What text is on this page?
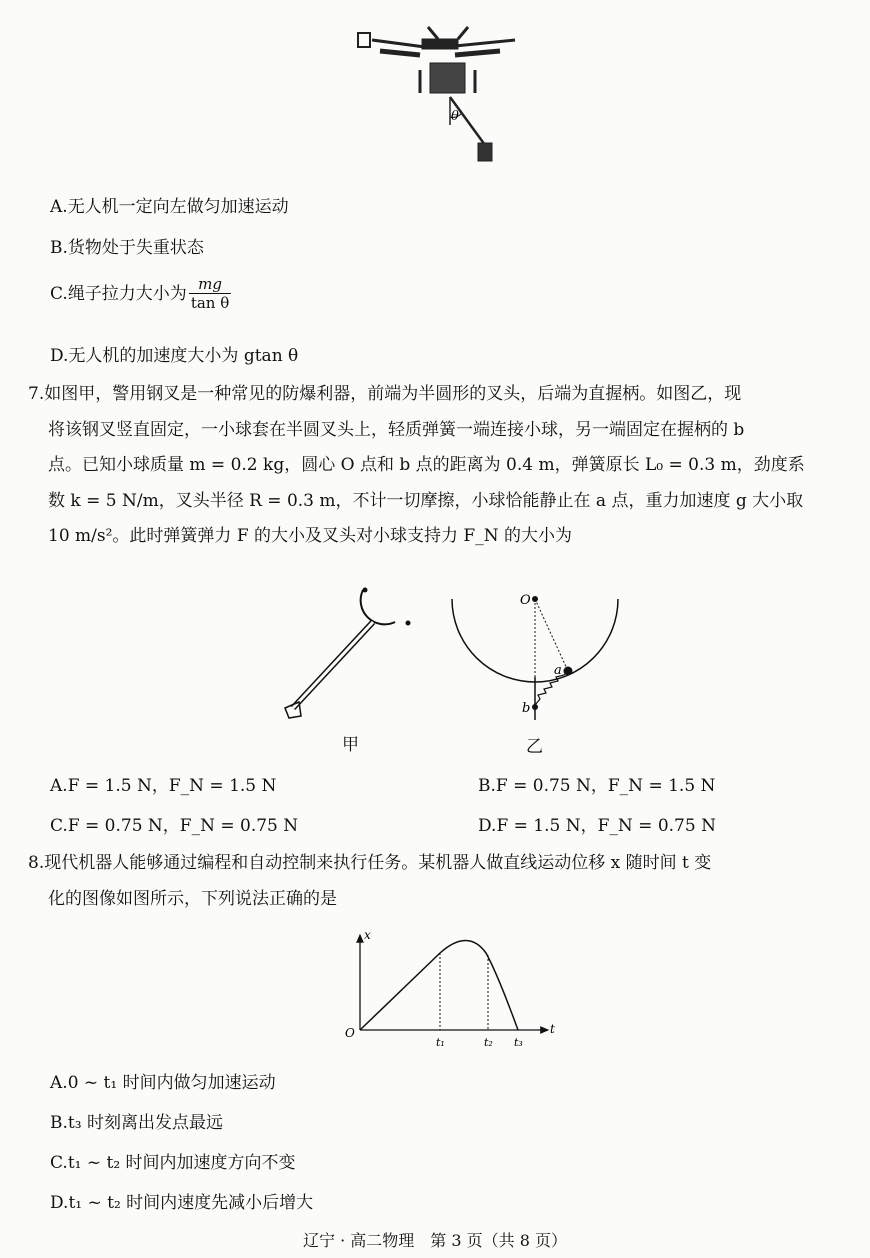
θ
A.无人机一定向左做匀加速运动
B.货物处于失重状态
C.绳子拉力大小为 $\frac{mg}{\text{tan θ}}$
D.无人机的加速度大小为 gtan θ
7.如图甲，警用钢叉是一种常见的防爆利器，前端为半圆形的叉头，后端为直握柄。如图乙，现
将该钢叉竖直固定，一小球套在半圆叉头上，轻质弹簧一端连接小球，另一端固定在握柄的 b
点。已知小球质量 m = 0.2 kg，圆心 O 点和 b 点的距离为 0.4 m，弹簧原长 L₀ = 0.3 m，劲度系
数 k = 5 N/m，叉头半径 R = 0.3 m，不计一切摩擦，小球恰能静止在 a 点，重力加速度 g 大小取
10 m/s²。此时弹簧弹力 F 的大小及叉头对小球支持力 F_N 的大小为
甲
O
a
b
乙
A.F = 1.5 N，F_N = 1.5 N	B.F = 0.75 N，F_N = 1.5 N
C.F = 0.75 N，F_N = 0.75 N	D.F = 1.5 N，F_N = 0.75 N
8.现代机器人能够通过编程和自动控制来执行任务。某机器人做直线运动位移 x 随时间 t 变
化的图像如图所示，下列说法正确的是
O
x
t
t₁	t₂ t₃
A.0 ~ t₁ 时间内做匀加速运动
B.t₃ 时刻离出发点最远
C.t₁ ~ t₂ 时间内加速度方向不变
D.t₁ ~ t₂ 时间内速度先减小后增大
辽宁 · 高二物理　第 3 页（共 8 页）
